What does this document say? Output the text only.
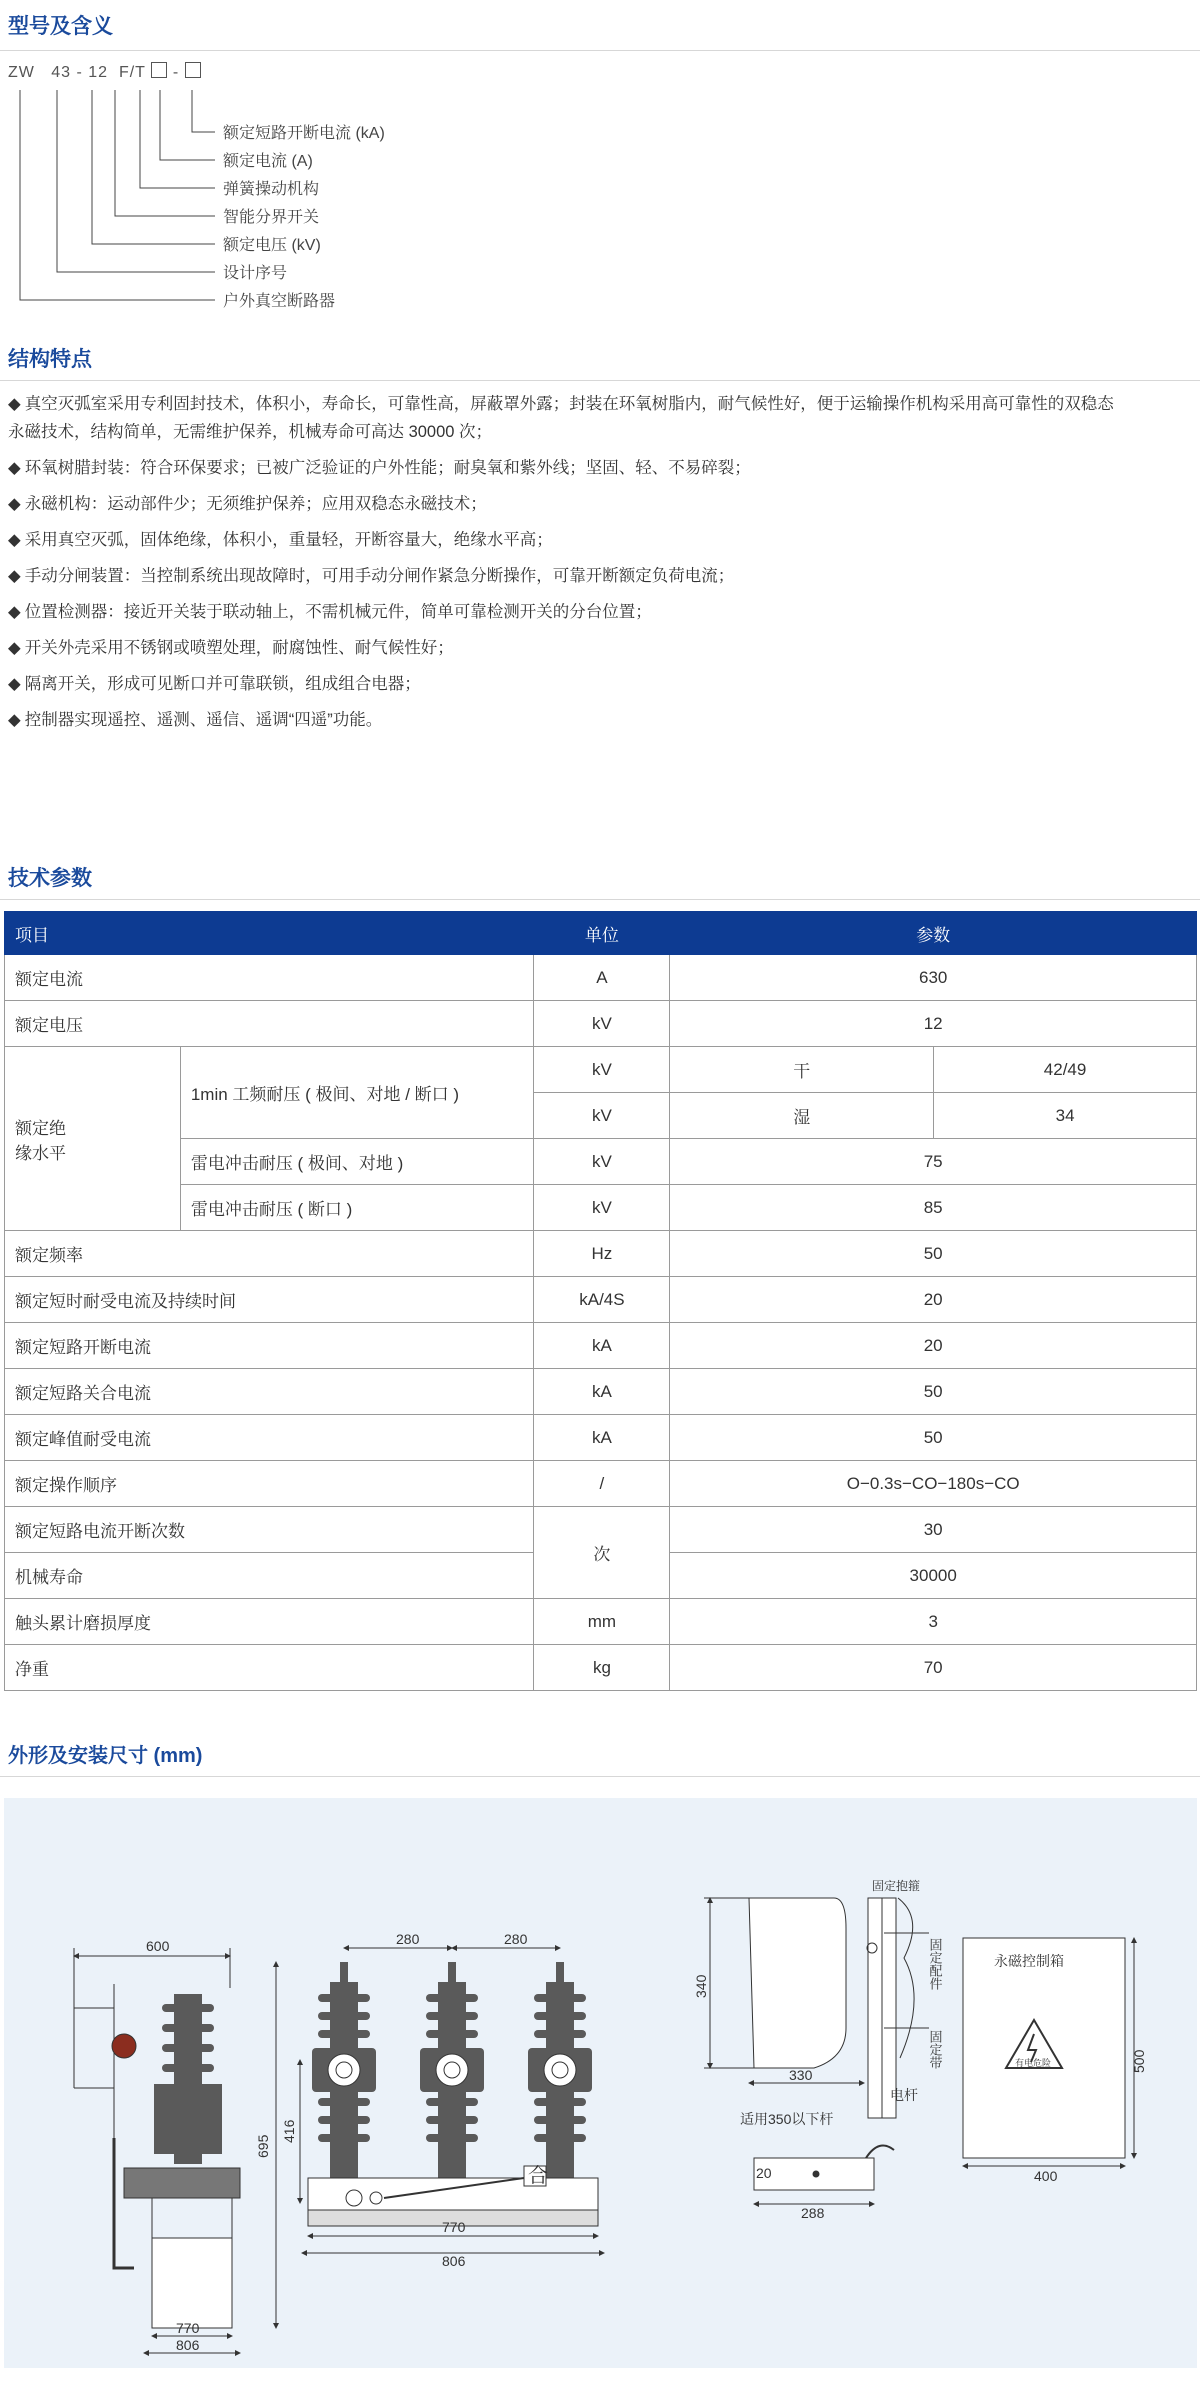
型号及含义
ZW 43 - 12 F/T -
额定短路开断电流 (kA)
额定电流 (A)
弹簧操动机构
智能分界开关
额定电压 (kV)
设计序号
户外真空断路器
结构特点
◆ 真空灭弧室采用专利固封技术，体积小，寿命长，可靠性高，屏蔽罩外露；封装在环氧树脂内，耐气候性好，便于运输操作机构采用高可靠性的双稳态
永磁技术，结构简单，无需维护保养，机械寿命可高达 30000 次；
◆ 环氧树腊封装：符合环保要求；已被广泛验证的户外性能；耐臭氧和紫外线；坚固、轻、不易碎裂；
◆ 永磁机构：运动部件少；无须维护保养；应用双稳态永磁技术；
◆ 采用真空灭弧，固体绝缘，体积小，重量轻，开断容量大，绝缘水平高；
◆ 手动分闸装置：当控制系统出现故障时，可用手动分闸作紧急分断操作，可靠开断额定负荷电流；
◆ 位置检测器：接近开关装于联动轴上，不需机械元件，简单可靠检测开关的分台位置；
◆ 开关外壳采用不锈钢或喷塑处理，耐腐蚀性、耐气候性好；
◆ 隔离开关，形成可见断口并可靠联锁，组成组合电器；
◆ 控制器实现遥控、遥测、遥信、遥调“四遥”功能。
技术参数
项目		单位	参数	
额定电流		A	630	
额定电压		kV	12	
额定绝
缘水平	1min 工频耐压 ( 极间、对地 / 断口 )	kV	干	42/49
		kV	湿	34
	雷电冲击耐压 ( 极间、对地 )	kV	75	
	雷电冲击耐压 ( 断口 )	kV	85	
额定频率		Hz	50	
额定短时耐受电流及持续时间		kA/4S	20	
额定短路开断电流		kA	20	
额定短路关合电流		kA	50	
额定峰值耐受电流		kA	50	
额定操作顺序		/	O−0.3s−CO−180s−CO	
额定短路电流开断次数		次	30	
机械寿命			30000	
触头累计磨损厚度		mm	3	
净重		kg	70	
外形及安装尺寸 (mm)
600
770
806
280	280
695
416
合
770
806
340
330
适用350以下杆
20
288
电杆
固定配件
固定带
固定抱箍
永磁控制箱
有电危险	500
400
